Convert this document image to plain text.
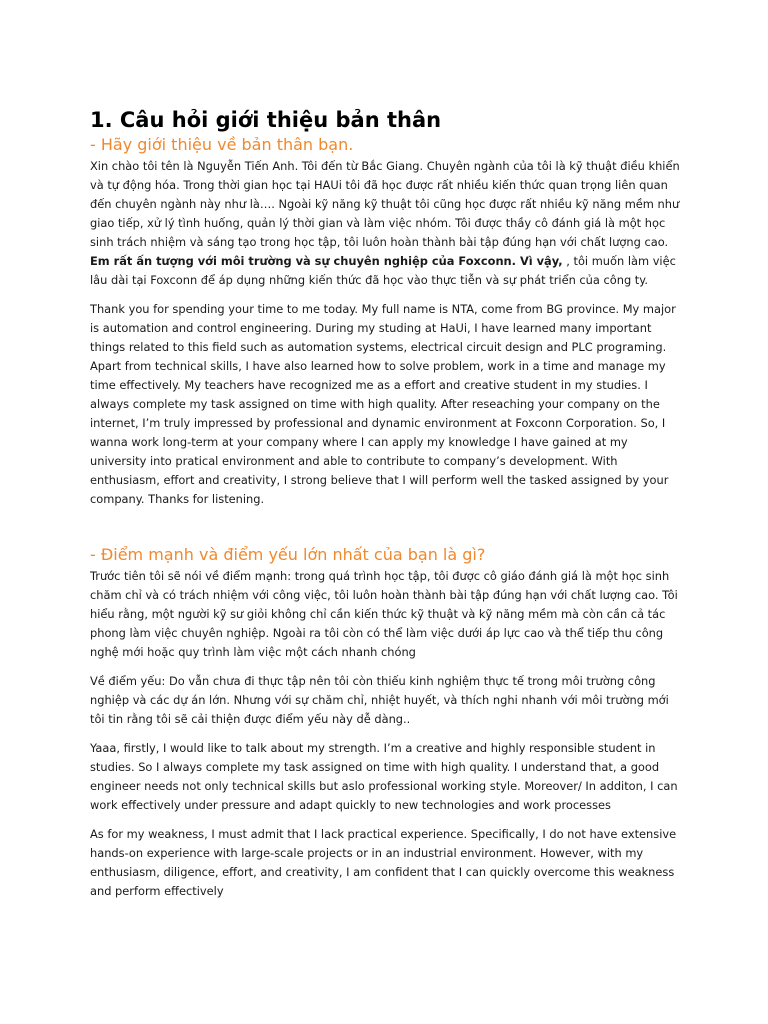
1. Câu hỏi giới thiệu bản thân
- Hãy giới thiệu về bản thân bạn.

Xin chào tôi tên là Nguyễn Tiến Anh. Tôi đến từ Bắc Giang. Chuyên ngành của tôi là kỹ thuật điều khiển và tự động hóa. Trong thời gian học tại HAUi tôi đã học được rất nhiều kiến thức quan trọng liên quan đến chuyên ngành này như là…. Ngoài kỹ năng kỹ thuật tôi cũng học được rất nhiều kỹ năng mềm như giao tiếp, xử lý tình huống, quản lý thời gian và làm việc nhóm. Tôi được thầy cô đánh giá là một học sinh trách nhiệm và sáng tạo trong học tập, tôi luôn hoàn thành bài tập đúng hạn với chất lượng cao. Em rất ấn tượng với môi trường và sự chuyên nghiệp của Foxconn. Vì vậy, , tôi muốn làm việc lâu dài tại Foxconn để áp dụng những kiến thức đã học vào thực tiễn và sự phát triển của công ty.

Thank you for spending your time to me today. My full name is NTA, come from BG province. My major is automation and control engineering. During my studing at HaUi, I have learned many important things related to this field such as automation systems, electrical circuit design and PLC programing. Apart from technical skills, I have also learned how to solve problem, work in a time and manage my time effectively. My teachers have recognized me as a effort and creative student in my studies. I always complete my task assigned on time with high quality. After reseaching your company on the internet, I’m truly impressed by professional and dynamic environment at Foxconn Corporation. So, I wanna work long-term at your company where I can apply my knowledge I have gained at my university into pratical environment and able to contribute to company’s development. With enthusiasm, effort and creativity, I strong believe that I will perform well the tasked assigned by your company. Thanks for listening.

- Điểm mạnh và điểm yếu lớn nhất của bạn là gì?

Trước tiên tôi sẽ nói về điểm mạnh: trong quá trình học tập, tôi được cô giáo đánh giá là một học sinh chăm chỉ và có trách nhiệm với công việc, tôi luôn hoàn thành bài tập đúng hạn với chất lượng cao. Tôi hiểu rằng, một người kỹ sư giỏi không chỉ cần kiến thức kỹ thuật và kỹ năng mềm mà còn cần cả tác phong làm việc chuyên nghiệp. Ngoài ra tôi còn có thể làm việc dưới áp lực cao và thể tiếp thu công nghệ mới hoặc quy trình làm việc một cách nhanh chóng

Về điểm yếu: Do vẫn chưa đi thực tập nên tôi còn thiếu kinh nghiệm thực tế trong môi trường công nghiệp và các dự án lớn. Nhưng với sự chăm chỉ, nhiệt huyết, và thích nghi nhanh với môi trường mới tôi tin rằng tôi sẽ cải thiện được điểm yếu này dễ dàng..

Yaaa, firstly, I would like to talk about my strength. I’m a creative and highly responsible student in studies. So I always complete my task assigned on time with high quality. I understand that, a good engineer needs not only technical skills but aslo professional working style. Moreover/ In additon, I can work effectively under pressure and adapt quickly to new technologies and work processes

As for my weakness, I must admit that I lack practical experience. Specifically, I do not have extensive hands-on experience with large-scale projects or in an industrial environment. However, with my enthusiasm, diligence, effort, and creativity, I am confident that I can quickly overcome this weakness and perform effectively
